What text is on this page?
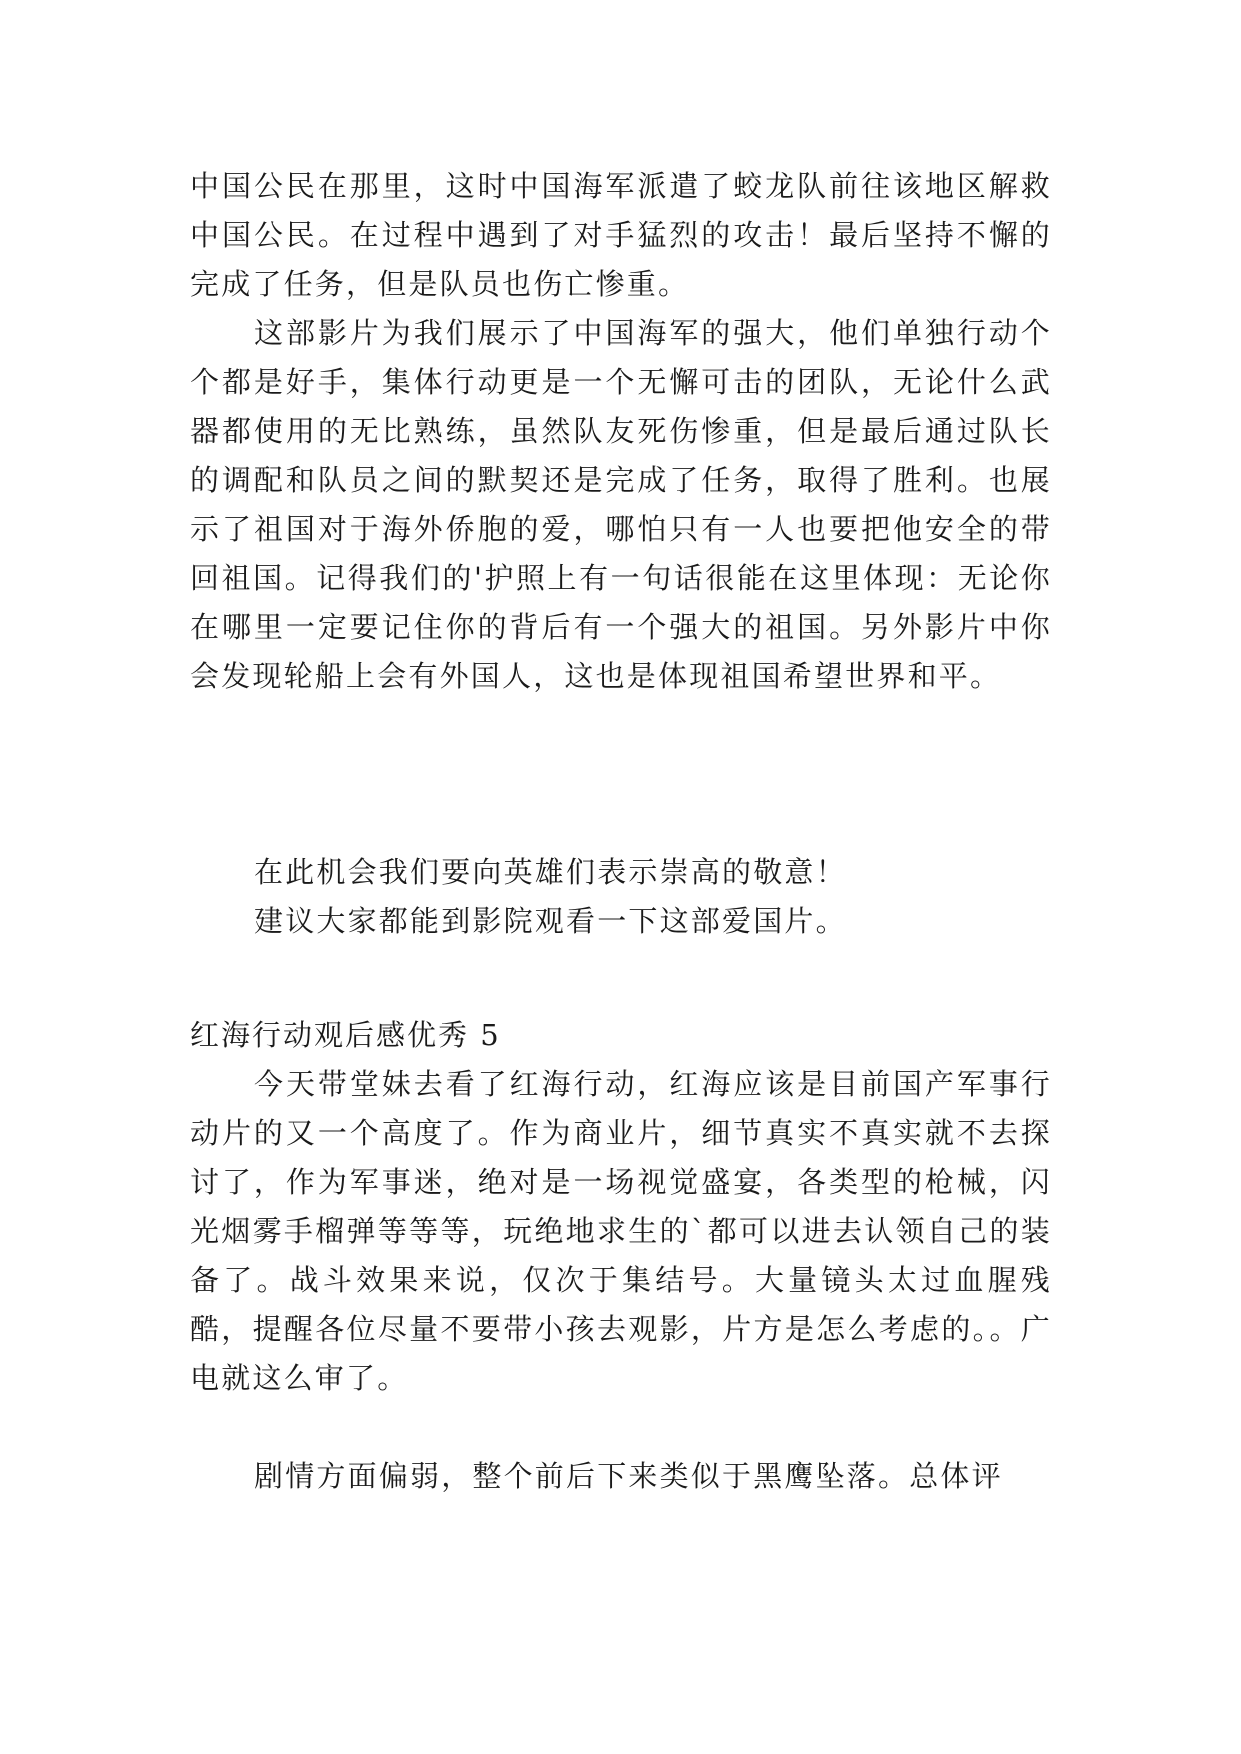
中国公民在那里，这时中国海军派遣了蛟龙队前往该地区解救中国公民。在过程中遇到了对手猛烈的攻击！最后坚持不懈的完成了任务，但是队员也伤亡惨重。

这部影片为我们展示了中国海军的强大，他们单独行动个个都是好手，集体行动更是一个无懈可击的团队，无论什么武器都使用的无比熟练，虽然队友死伤惨重，但是最后通过队长的调配和队员之间的默契还是完成了任务，取得了胜利。也展示了祖国对于海外侨胞的爱，哪怕只有一人也要把他安全的带回祖国。记得我们的'护照上有一句话很能在这里体现：无论你在哪里一定要记住你的背后有一个强大的祖国。另外影片中你会发现轮船上会有外国人，这也是体现祖国希望世界和平。

在此机会我们要向英雄们表示崇高的敬意！

建议大家都能到影院观看一下这部爱国片。

红海行动观后感优秀 5

今天带堂妹去看了红海行动，红海应该是目前国产军事行动片的又一个高度了。作为商业片，细节真实不真实就不去探讨了，作为军事迷，绝对是一场视觉盛宴，各类型的枪械，闪光烟雾手榴弹等等等，玩绝地求生的`都可以进去认领自己的装备了。战斗效果来说，仅次于集结号。大量镜头太过血腥残酷，提醒各位尽量不要带小孩去观影，片方是怎么考虑的。。广电就这么审了。

剧情方面偏弱，整个前后下来类似于黑鹰坠落。总体评
